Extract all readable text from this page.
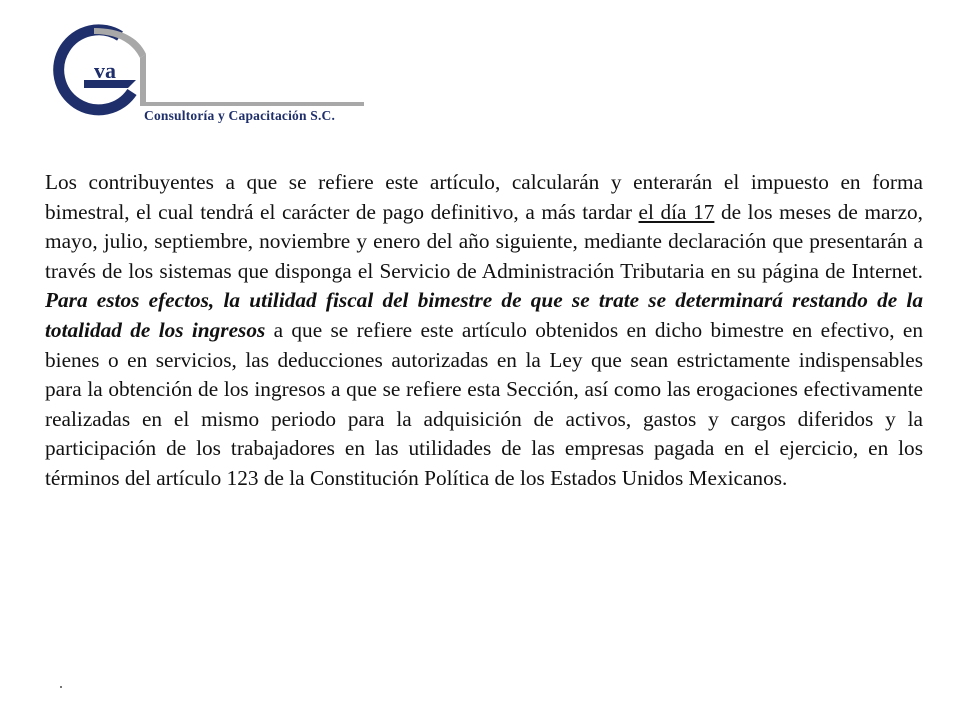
va
Consultoría y Capacitación S.C.

Los contribuyentes a que se refiere este artículo, calcularán y enterarán el impuesto en forma bimestral, el cual tendrá el carácter de pago definitivo, a más tardar el día 17 de los meses de marzo, mayo, julio, septiembre, noviembre y enero del año siguiente, mediante declaración que presentarán a través de los sistemas que disponga el Servicio de Administración Tributaria en su página de Internet. Para estos efectos, la utilidad fiscal del bimestre de que se trate se determinará restando de la totalidad de los ingresos a que se refiere este artículo obtenidos en dicho bimestre en efectivo, en bienes o en servicios, las deducciones autorizadas en la Ley que sean estrictamente indispensables para la obtención de los ingresos a que se refiere esta Sección, así como las erogaciones efectivamente realizadas en el mismo periodo para la adquisición de activos, gastos y cargos diferidos y la participación de los trabajadores en las utilidades de las empresas pagada en el ejercicio, en los términos del artículo 123 de la Constitución Política de los Estados Unidos Mexicanos.
